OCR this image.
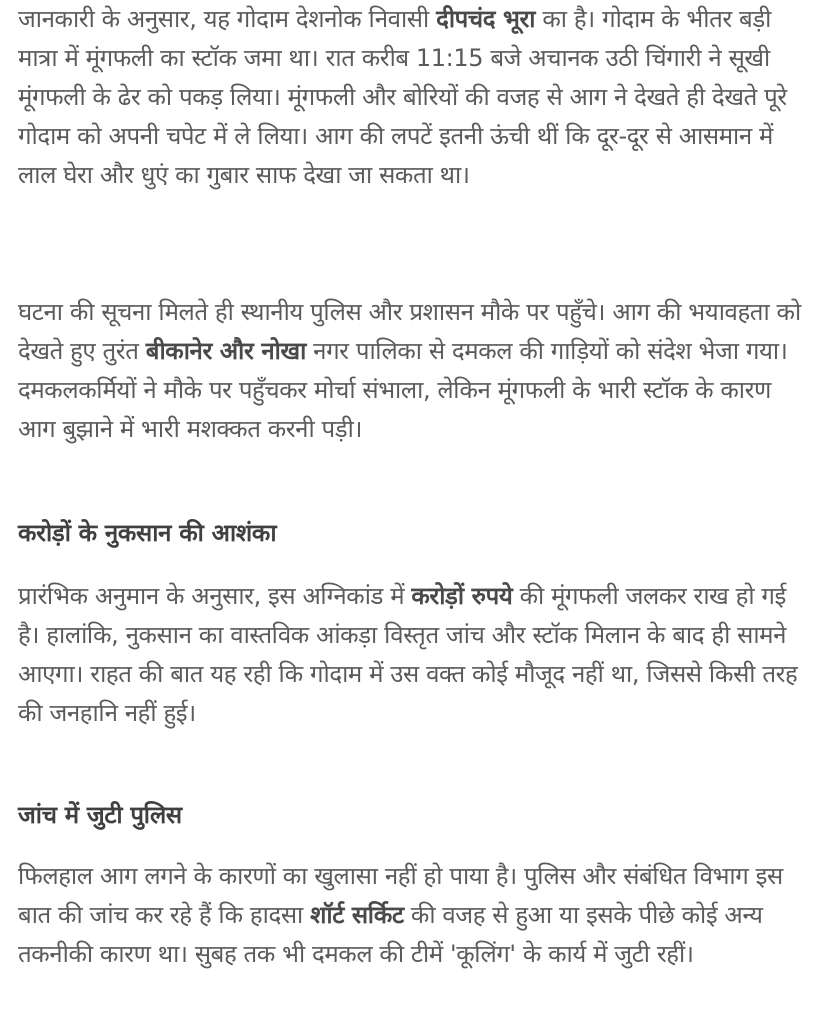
जानकारी के अनुसार, यह गोदाम देशनोक निवासी दीपचंद भूरा का है। गोदाम के भीतर बड़ी मात्रा में मूंगफली का स्टॉक जमा था। रात करीब 11:15 बजे अचानक उठी चिंगारी ने सूखी मूंगफली के ढेर को पकड़ लिया। मूंगफली और बोरियों की वजह से आग ने देखते ही देखते पूरे गोदाम को अपनी चपेट में ले लिया। आग की लपटें इतनी ऊंची थीं कि दूर-दूर से आसमान में लाल घेरा और धुएं का गुबार साफ देखा जा सकता था।

घटना की सूचना मिलते ही स्थानीय पुलिस और प्रशासन मौके पर पहुँचे। आग की भयावहता को देखते हुए तुरंत बीकानेर और नोखा नगर पालिका से दमकल की गाड़ियों को संदेश भेजा गया। दमकलकर्मियों ने मौके पर पहुँचकर मोर्चा संभाला, लेकिन मूंगफली के भारी स्टॉक के कारण आग बुझाने में भारी मशक्कत करनी पड़ी।

करोड़ों के नुकसान की आशंका

प्रारंभिक अनुमान के अनुसार, इस अग्निकांड में करोड़ों रुपये की मूंगफली जलकर राख हो गई है। हालांकि, नुकसान का वास्तविक आंकड़ा विस्तृत जांच और स्टॉक मिलान के बाद ही सामने आएगा। राहत की बात यह रही कि गोदाम में उस वक्त कोई मौजूद नहीं था, जिससे किसी तरह की जनहानि नहीं हुई।

जांच में जुटी पुलिस

फिलहाल आग लगने के कारणों का खुलासा नहीं हो पाया है। पुलिस और संबंधित विभाग इस बात की जांच कर रहे हैं कि हादसा शॉर्ट सर्किट की वजह से हुआ या इसके पीछे कोई अन्य तकनीकी कारण था। सुबह तक भी दमकल की टीमें 'कूलिंग' के कार्य में जुटी रहीं।
